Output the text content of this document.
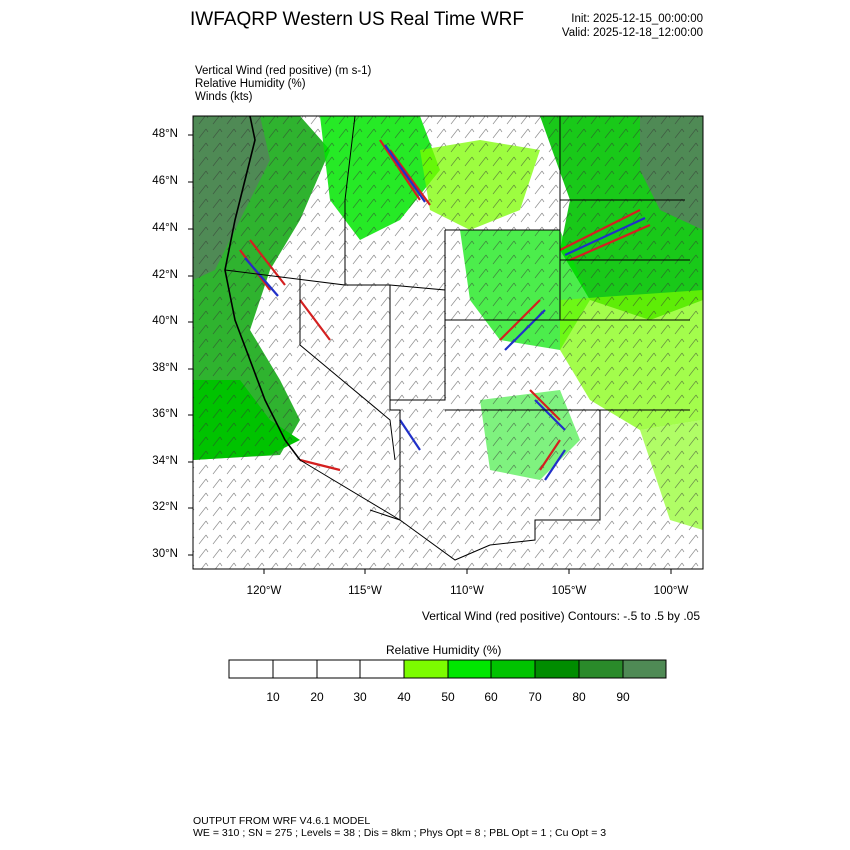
IWFAQRP Western US Real Time WRF	Init: 2025-12-15_00:00:00
Valid: 2025-12-18_12:00:00
Vertical Wind (red positive) (m s-1)
Relative Humidity (%)
Winds (kts)
48°N
46°N
44°N
42°N
40°N
38°N
36°N
34°N
32°N
30°N
120°W	115°W	110°W	105°W	100°W
Vertical Wind (red positive) Contours: -.5 to .5 by .05
Relative Humidity (%)
10	20	30	40	50	60	70	80	90
OUTPUT FROM WRF V4.6.1 MODEL
WE = 310 ; SN = 275 ; Levels = 38 ; Dis = 8km ; Phys Opt = 8 ; PBL Opt = 1 ; Cu Opt = 3
